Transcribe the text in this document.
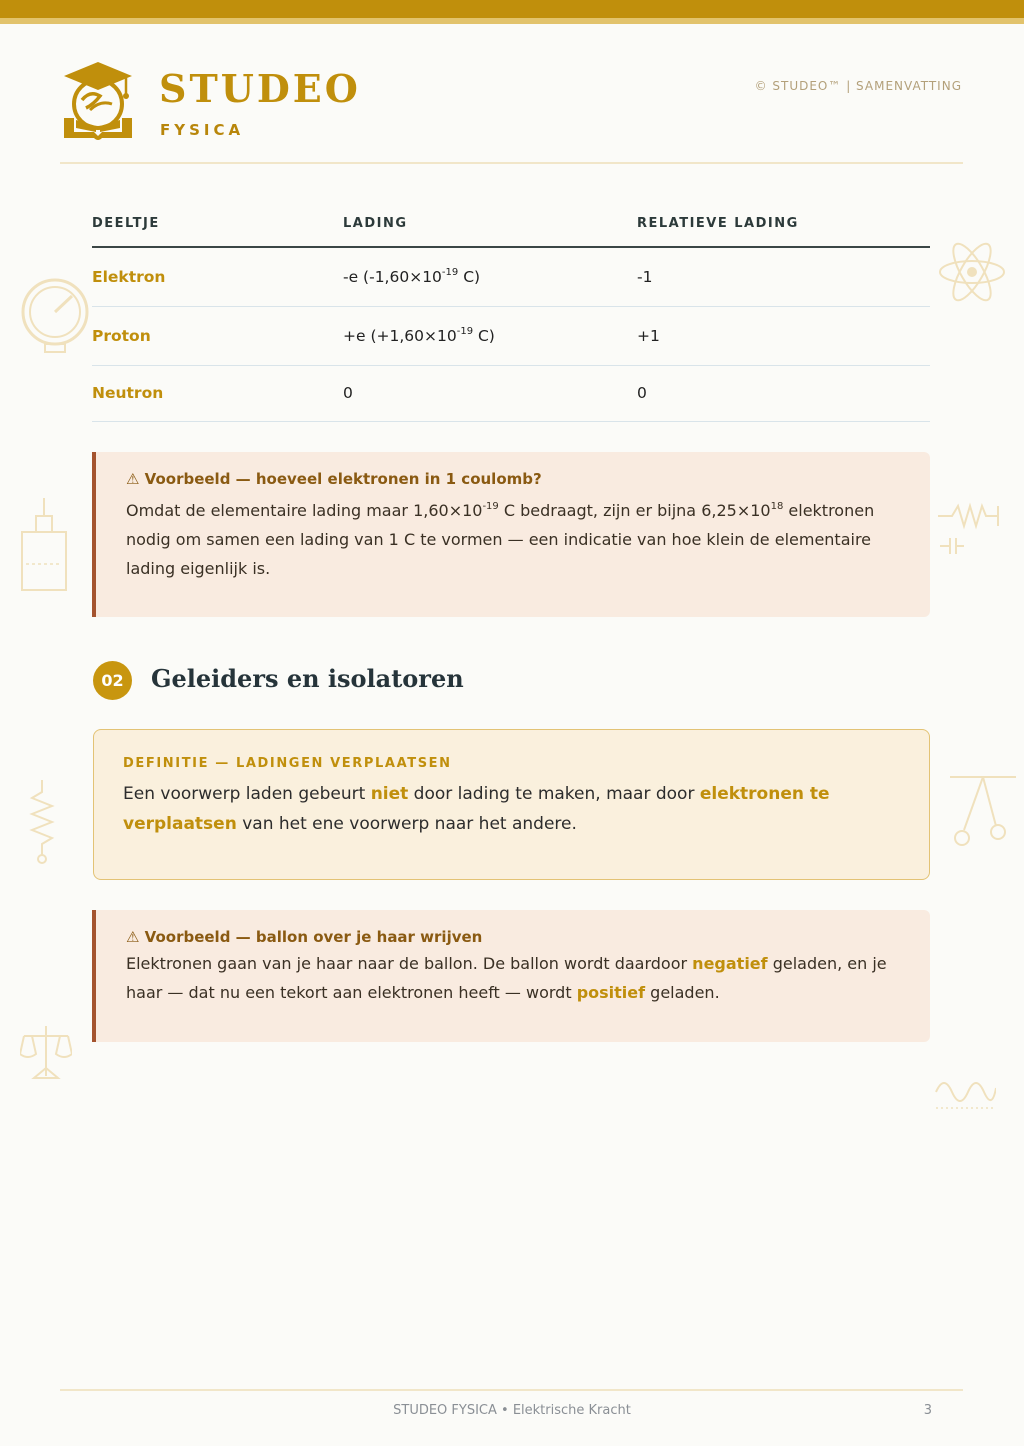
STUDEO
FYSICA
© STUDEO™ | SAMENVATTING
DEELTJE	LADING	RELATIEVE LADING
Elektron	-e ($-1,60\times 10^{-19}$ C)	-1
Proton	+e ($+1,60\times 10^{-19}$ C)	+1
Neutron	0	0
⚠ Voorbeeld — hoeveel elektronen in 1 coulomb?
Omdat de elementaire lading maar $1,60\times 10^{-19}$ C bedraagt, zijn er bijna $6,25\times 10^{18}$ elektronen nodig om samen een lading van 1 C te vormen — een indicatie van hoe klein de elementaire lading eigenlijk is.
02	Geleiders en isolatoren
DEFINITIE — LADINGEN VERPLAATSEN
Een voorwerp laden gebeurt niet door lading te maken, maar door elektronen te verplaatsen van het ene voorwerp naar het andere.
⚠ Voorbeeld — ballon over je haar wrijven
Elektronen gaan van je haar naar de ballon. De ballon wordt daardoor negatief geladen, en je haar — dat nu een tekort aan elektronen heeft — wordt positief geladen.
STUDEO FYSICA • Elektrische Kracht	3
